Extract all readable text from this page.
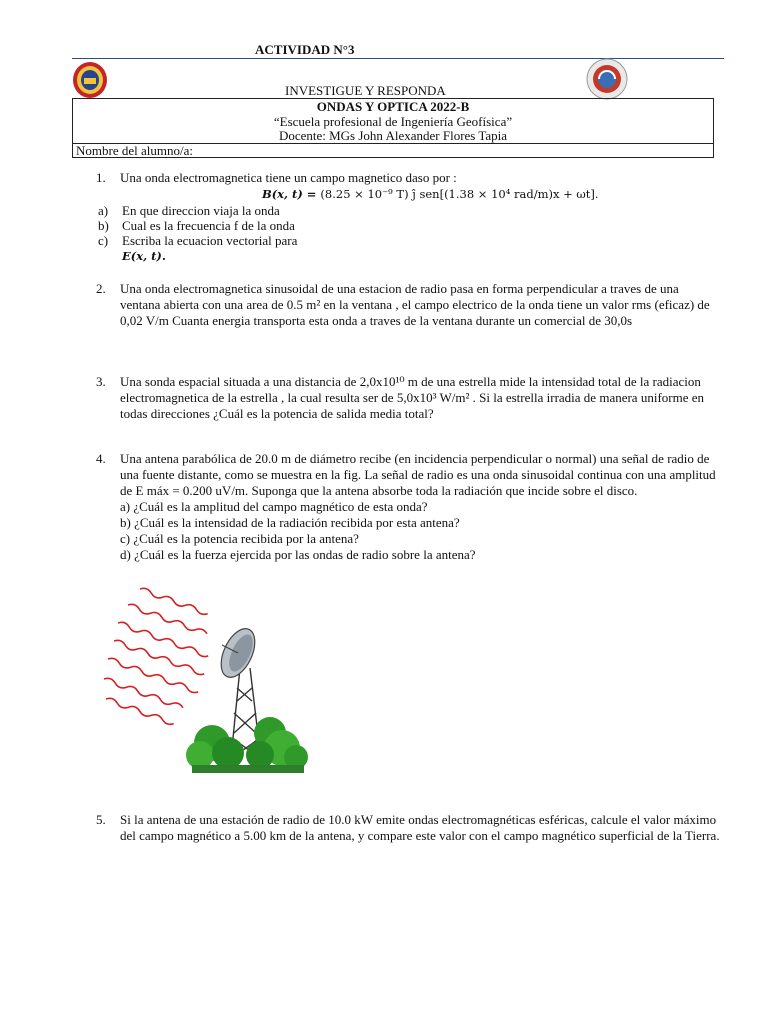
ACTIVIDAD N°3
INVESTIGUE Y RESPONDA
ONDAS Y OPTICA 2022-B
“Escuela profesional de Ingeniería Geofísica”
Docente: MGs John Alexander Flores Tapia
Nombre del alumno/a:
1. Una onda electromagnetica tiene un campo magnetico daso por :
B(x, t) = (8.25 × 10⁻⁹ T) ĵ sen[(1.38 × 10⁴ rad/m)x + ωt].
a) En que direccion viaja la onda
b) Cual es la frecuencia f de la onda
c) Escriba la ecuacion vectorial para
E(x, t).
2. Una onda electromagnetica sinusoidal de una estacion de radio pasa en forma perpendicular a traves de una ventana abierta con una area de 0.5 m² en la ventana , el campo electrico de la onda tiene un valor rms (eficaz) de 0,02 V/m Cuanta energia transporta esta onda a traves de la ventana durante un comercial de 30,0s

3. Una sonda espacial situada a una distancia de 2,0x10¹⁰ m de una estrella mide la intensidad total de la radiacion electromagnetica de la estrella , la cual resulta ser de 5,0x10³ W/m² . Si la estrella irradia de manera uniforme en todas direcciones ¿Cuál es la potencia de salida media total?

4. Una antena parabólica de 20.0 m de diámetro recibe (en incidencia perpendicular o normal) una señal de radio de una fuente distante, como se muestra en la fig. La señal de radio es una onda sinusoidal continua con una amplitud de E máx = 0.200 uV/m. Suponga que la antena absorbe toda la radiación que incide sobre el disco.

a) ¿Cuál es la amplitud del campo magnético de esta onda?

b) ¿Cuál es la intensidad de la radiación recibida por esta antena?

c) ¿Cuál es la potencia recibida por la antena?

d) ¿Cuál es la fuerza ejercida por las ondas de radio sobre la antena?

5. Si la antena de una estación de radio de 10.0 kW emite ondas electromagnéticas esféricas, calcule el valor máximo del campo magnético a 5.00 km de la antena, y compare este valor con el campo magnético superficial de la Tierra.
